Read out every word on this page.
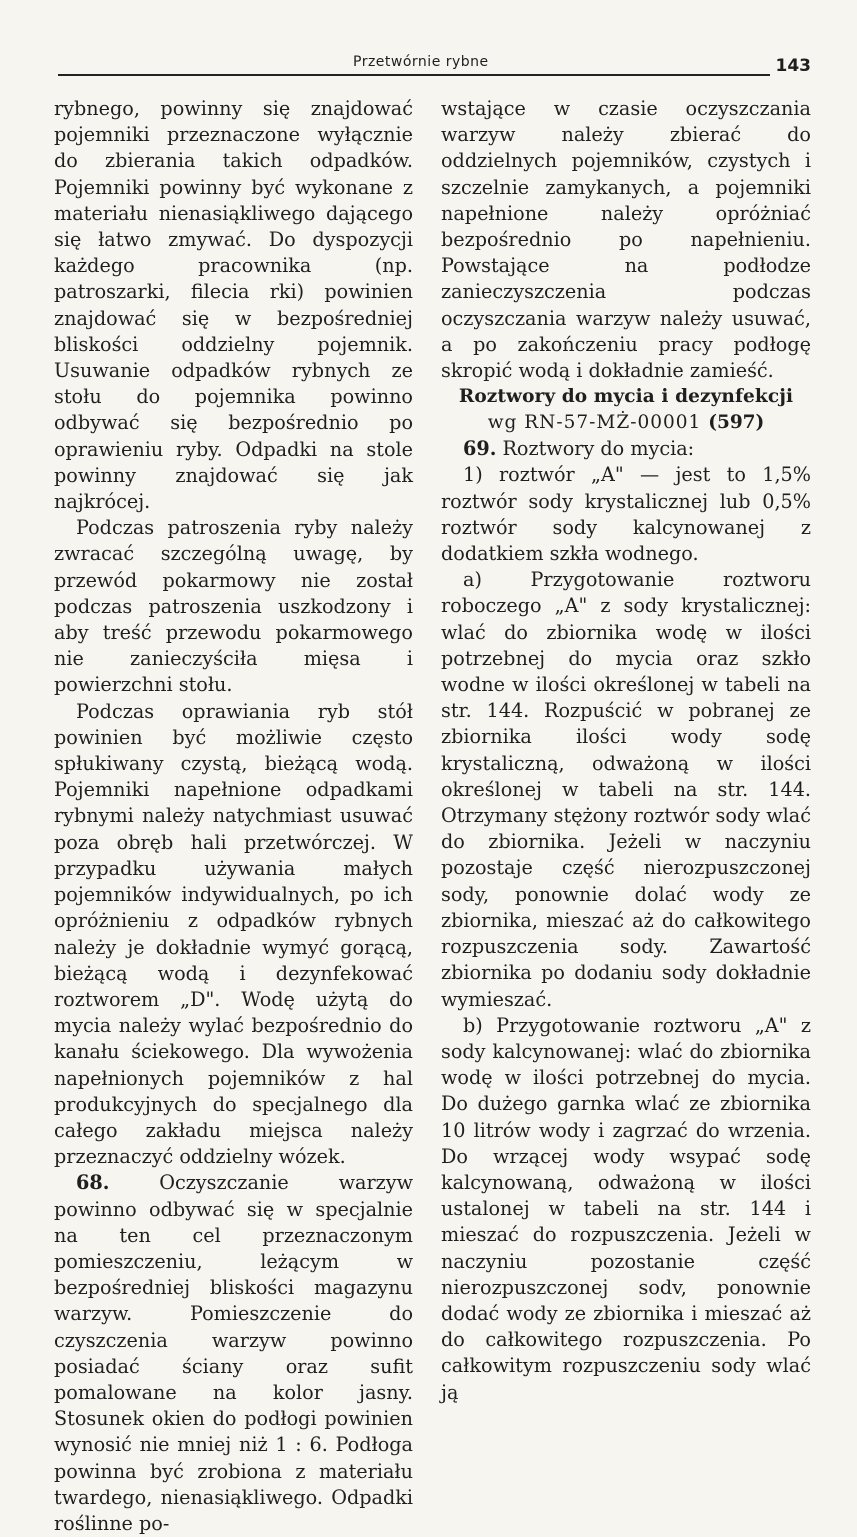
Przetwórnie rybne	143

rybnego, powinny się znajdować pojemniki przeznaczone wyłącznie do zbierania takich odpadków. Pojemniki powinny być wykonane z materiału nienasiąkliwego dającego się łatwo zmywać. Do dyspozycji każdego pracownika (np. patroszarki, filecia rki) powinien znajdować się w bezpośredniej bliskości oddzielny pojemnik. Usuwanie odpadków rybnych ze stołu do pojemnika powinno odbywać się bezpośrednio po oprawieniu ryby. Odpadki na stole powinny znajdować się jak najkrócej.

Podczas patroszenia ryby należy zwracać szczególną uwagę, by przewód pokarmowy nie został podczas patroszenia uszkodzony i aby treść przewodu pokarmowego nie zanieczyściła mięsa i powierzchni stołu.

Podczas oprawiania ryb stół powinien być możliwie często spłukiwany czystą, bieżącą wodą. Pojemniki napełnione odpadkami rybnymi należy natychmiast usuwać poza obręb hali przetwórczej. W przypadku używania małych pojemników indywidualnych, po ich opróżnieniu z odpadków rybnych należy je dokładnie wymyć gorącą, bieżącą wodą i dezynfekować roztworem „D". Wodę użytą do mycia należy wylać bezpośrednio do kanału ściekowego. Dla wywożenia napełnionych pojemników z hal produkcyjnych do specjalnego dla całego zakładu miejsca należy przeznaczyć oddzielny wózek.

68. Oczyszczanie warzyw powinno odbywać się w specjalnie na ten cel przeznaczonym pomieszczeniu, leżącym w bezpośredniej bliskości magazynu warzyw. Pomieszczenie do czyszczenia warzyw powinno posiadać ściany oraz sufit pomalowane na kolor jasny. Stosunek okien do podłogi powinien wynosić nie mniej niż 1 : 6. Podłoga powinna być zrobiona z materiału twardego, nienasiąkliwego. Odpadki roślinne po-

wstające w czasie oczyszczania warzyw należy zbierać do oddzielnych pojemników, czystych i szczelnie zamykanych, a pojemniki napełnione należy opróżniać bezpośrednio po napełnieniu. Powstające na podłodze zanieczyszczenia podczas oczyszczania warzyw należy usuwać, a po zakończeniu pracy podłogę skropić wodą i dokładnie zamieść.

Roztwory do mycia i dezynfekcji

wg RN-57-MŻ-00001 (597)

69. Roztwory do mycia:

1) roztwór „A" — jest to 1,5% roztwór sody krystalicznej lub 0,5% roztwór sody kalcynowanej z dodatkiem szkła wodnego.

a) Przygotowanie roztworu roboczego „A" z sody krystalicznej: wlać do zbiornika wodę w ilości potrzebnej do mycia oraz szkło wodne w ilości określonej w tabeli na str. 144. Rozpuścić w pobranej ze zbiornika ilości wody sodę krystaliczną, odważoną w ilości określonej w tabeli na str. 144. Otrzymany stężony roztwór sody wlać do zbiornika. Jeżeli w naczyniu pozostaje część nierozpuszczonej sody, ponownie dolać wody ze zbiornika, mieszać aż do całkowitego rozpuszczenia sody. Zawartość zbiornika po dodaniu sody dokładnie wymieszać.

b) Przygotowanie roztworu „A" z sody kalcynowanej: wlać do zbiornika wodę w ilości potrzebnej do mycia. Do dużego garnka wlać ze zbiornika 10 litrów wody i zagrzać do wrzenia. Do wrzącej wody wsypać sodę kalcynowaną, odważoną w ilości ustalonej w tabeli na str. 144 i mieszać do rozpuszczenia. Jeżeli w naczyniu pozostanie część nierozpuszczonej sodv, ponownie dodać wody ze zbiornika i mieszać aż do całkowitego rozpuszczenia. Po całkowitym rozpuszczeniu sody wlać ją
